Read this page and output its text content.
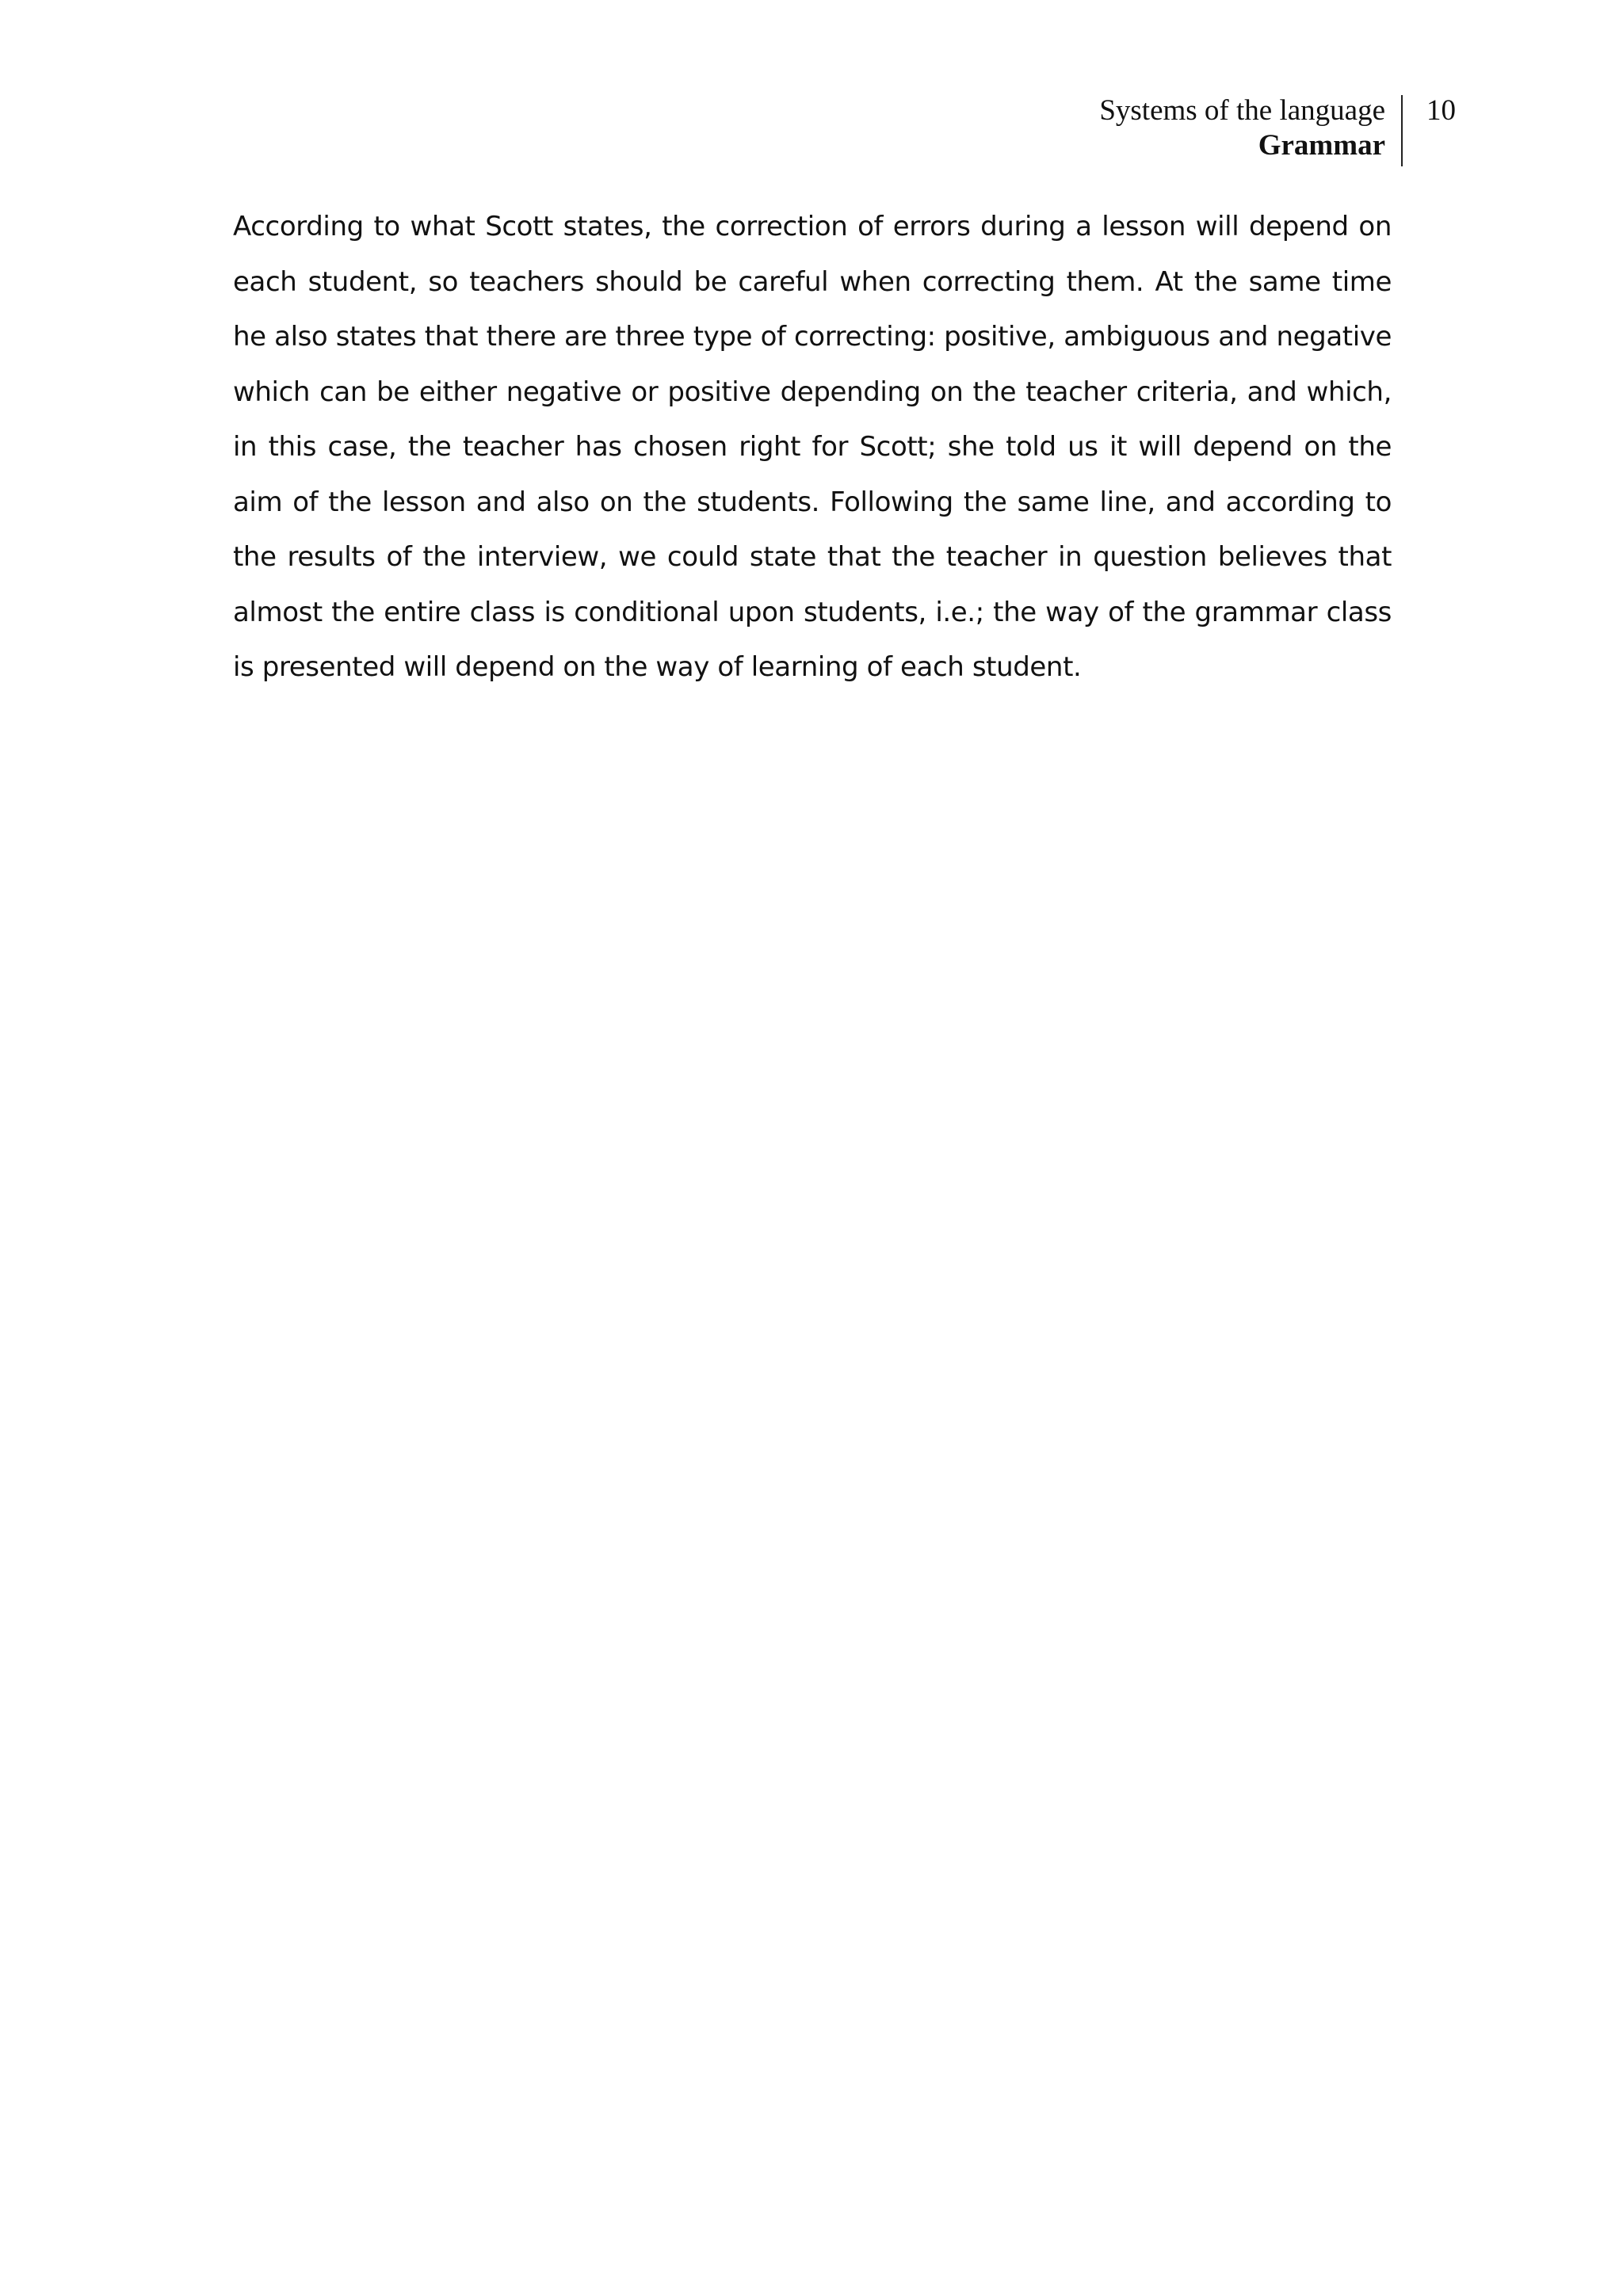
Systems of the language
Grammar
10

According to what Scott states, the correction of errors during a lesson will depend on each student, so teachers should be careful when correcting them. At the same time he also states that there are three type of correcting: positive, ambiguous and negative which can be either negative or positive depending on the teacher criteria, and which, in this case, the teacher has chosen right for Scott; she told us it will depend on the aim of the lesson and also on the students. Following the same line, and according to the results of the interview, we could state that the teacher in question believes that almost the entire class is conditional upon students, i.e.; the way of the grammar class is presented will depend on the way of learning of each student.
